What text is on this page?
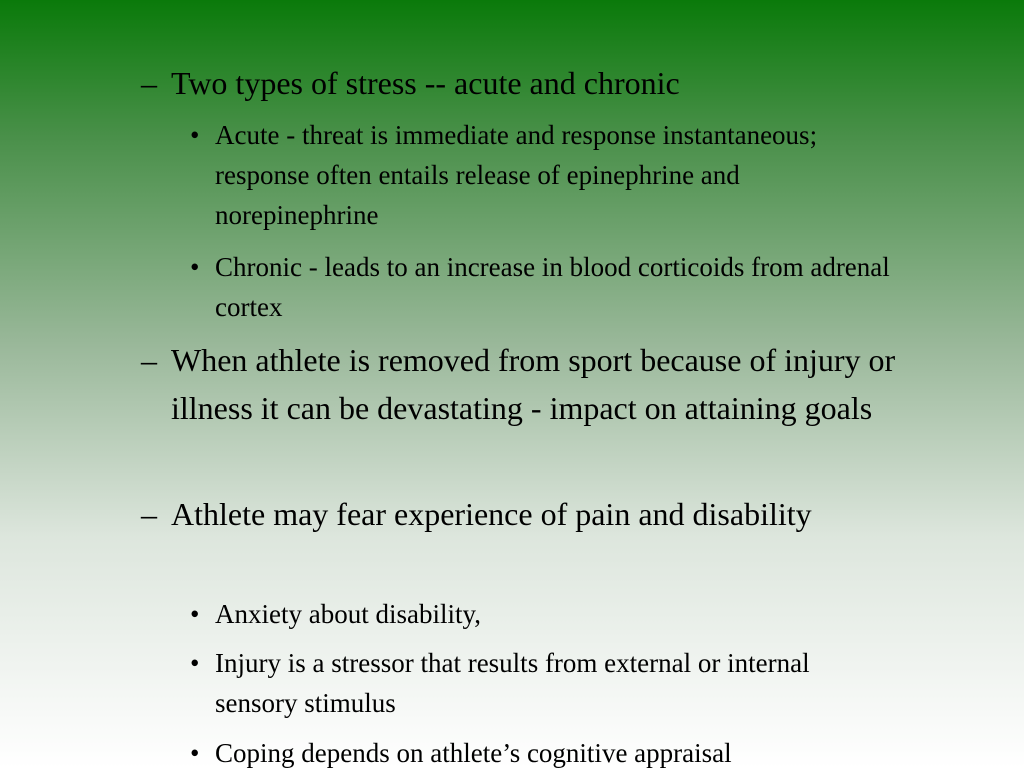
– Two types of stress -- acute and chronic
• Acute - threat is immediate and response instantaneous; response often entails release of epinephrine and norepinephrine
• Chronic - leads to an increase in blood corticoids from adrenal cortex
– When athlete is removed from sport because of injury or illness it can be devastating - impact on attaining goals
– Athlete may fear experience of pain and disability
• Anxiety about disability,
• Injury is a stressor that results from external or internal sensory stimulus
• Coping depends on athlete’s cognitive appraisal
